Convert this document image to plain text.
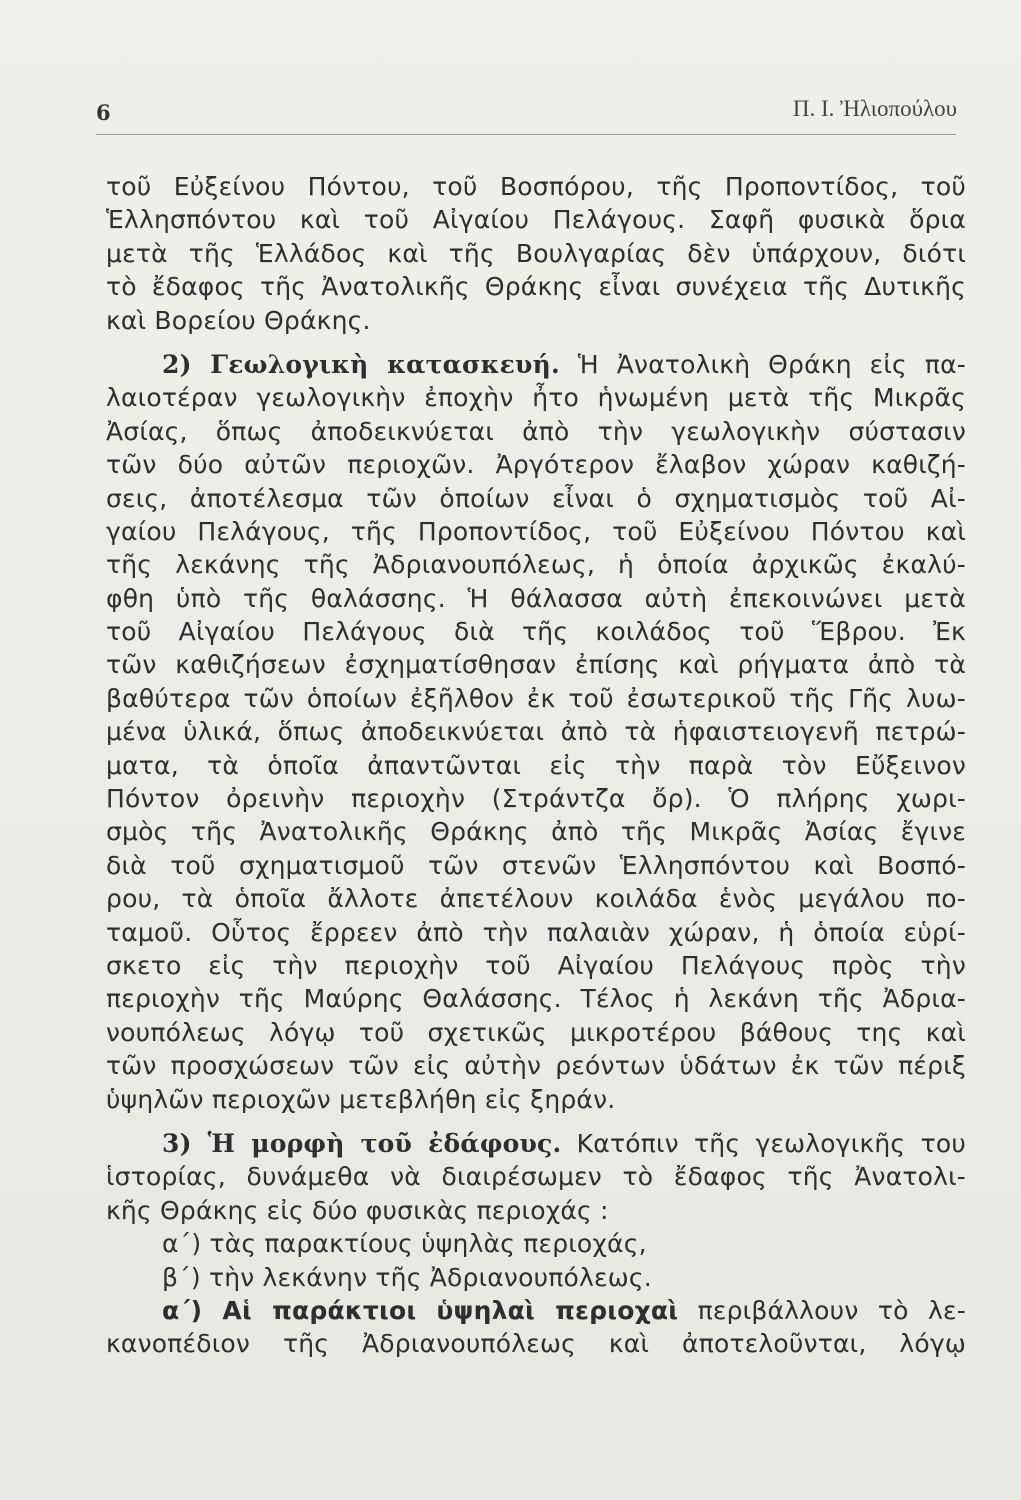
6	Π. Ι. Ἠλιοπούλου
τοῦ Εὐξείνου Πόντου, τοῦ Βοσπόρου, τῆς Προποντίδος, τοῦ
Ἑλλησπόντου καὶ τοῦ Αἰγαίου Πελάγους. Σαφῆ φυσικὰ ὅρια
μετὰ τῆς Ἑλλάδος καὶ τῆς Βουλγαρίας δὲν ὑπάρχουν, διότι
τὸ ἔδαφος τῆς Ἀνατολικῆς Θράκης εἶναι συνέχεια τῆς Δυτικῆς
καὶ Βορείου Θράκης.
2) Γεωλογικὴ κατασκευή. Ἡ Ἀνατολικὴ Θράκη εἰς πα-
λαιοτέραν γεωλογικὴν ἐποχὴν ἦτο ἡνωμένη μετὰ τῆς Μικρᾶς
Ἀσίας, ὅπως ἀποδεικνύεται ἀπὸ τὴν γεωλογικὴν σύστασιν
τῶν δύο αὐτῶν περιοχῶν. Ἀργότερον ἔλαβον χώραν καθιζή-
σεις, ἀποτέλεσμα τῶν ὁποίων εἶναι ὁ σχηματισμὸς τοῦ Αἰ-
γαίου Πελάγους, τῆς Προποντίδος, τοῦ Εὐξείνου Πόντου καὶ
τῆς λεκάνης τῆς Ἀδριανουπόλεως, ἡ ὁποία ἀρχικῶς ἐκαλύ-
φθη ὑπὸ τῆς θαλάσσης. Ἡ θάλασσα αὐτὴ ἐπεκοινώνει μετὰ
τοῦ Αἰγαίου Πελάγους διὰ τῆς κοιλάδος τοῦ Ἕβρου. Ἐκ
τῶν καθιζήσεων ἐσχηματίσθησαν ἐπίσης καὶ ρήγματα ἀπὸ τὰ
βαθύτερα τῶν ὁποίων ἐξῆλθον ἐκ τοῦ ἐσωτερικοῦ τῆς Γῆς λυω-
μένα ὑλικά, ὅπως ἀποδεικνύεται ἀπὸ τὰ ἡφαιστειογενῆ πετρώ-
ματα, τὰ ὁποῖα ἀπαντῶνται εἰς τὴν παρὰ τὸν Εὔξεινον
Πόντον ὀρεινὴν περιοχὴν (Στράντζα ὄρ). Ὁ πλήρης χωρι-
σμὸς τῆς Ἀνατολικῆς Θράκης ἀπὸ τῆς Μικρᾶς Ἀσίας ἔγινε
διὰ τοῦ σχηματισμοῦ τῶν στενῶν Ἑλλησπόντου καὶ Βοσπό-
ρου, τὰ ὁποῖα ἄλλοτε ἀπετέλουν κοιλάδα ἑνὸς μεγάλου πο-
ταμοῦ. Οὗτος ἔρρεεν ἀπὸ τὴν παλαιὰν χώραν, ἡ ὁποία εὑρί-
σκετο εἰς τὴν περιοχὴν τοῦ Αἰγαίου Πελάγους πρὸς τὴν
περιοχὴν τῆς Μαύρης Θαλάσσης. Τέλος ἡ λεκάνη τῆς Ἀδρια-
νουπόλεως λόγῳ τοῦ σχετικῶς μικροτέρου βάθους της καὶ
τῶν προσχώσεων τῶν εἰς αὐτὴν ρεόντων ὑδάτων ἐκ τῶν πέριξ
ὑψηλῶν περιοχῶν μετεβλήθη εἰς ξηράν.
3) Ἡ μορφὴ τοῦ ἐδάφους. Κατόπιν τῆς γεωλογικῆς του
ἱστορίας, δυνάμεθα νὰ διαιρέσωμεν τὸ ἔδαφος τῆς Ἀνατολι-
κῆς Θράκης εἰς δύο φυσικὰς περιοχάς :
α΄) τὰς παρακτίους ὑψηλὰς περιοχάς,
β΄) τὴν λεκάνην τῆς Ἀδριανουπόλεως.
α΄) Αἱ παράκτιοι ὑψηλαὶ περιοχαὶ περιβάλλουν τὸ λε-
κανοπέδιον τῆς Ἀδριανουπόλεως καὶ ἀποτελοῦνται, λόγῳ
